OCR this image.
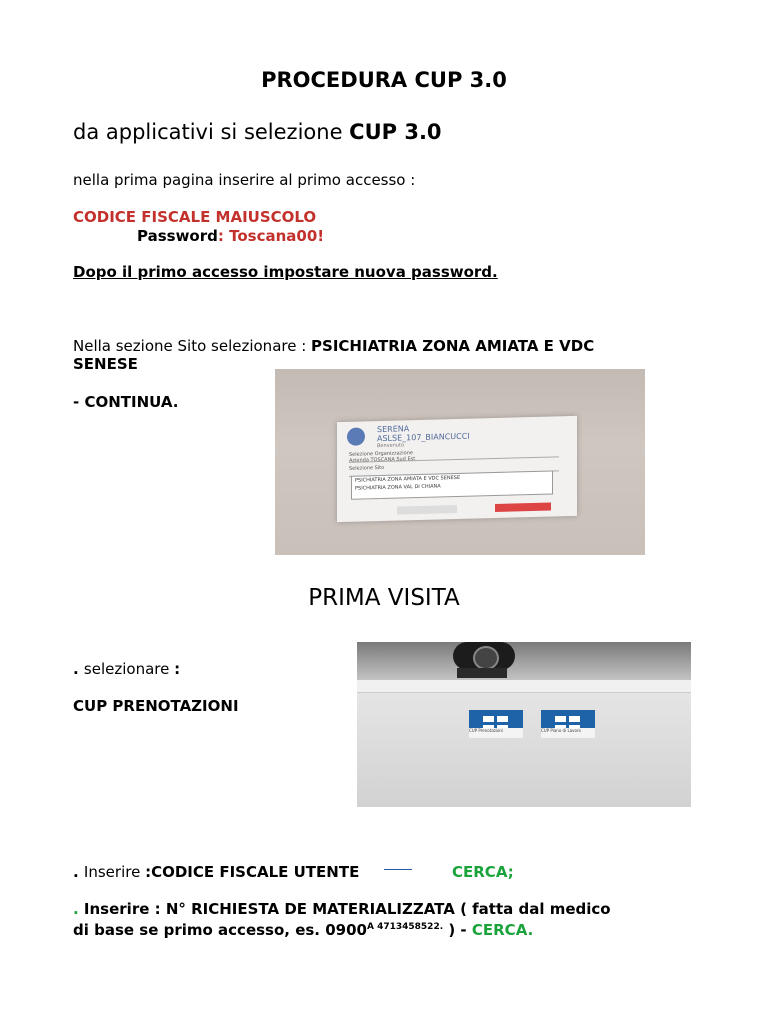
PROCEDURA CUP 3.0
da applicativi si selezione CUP 3.0
nella prima pagina inserire al primo accesso :
CODICE FISCALE MAIUSCOLO
Password: Toscana00!
Dopo il primo accesso impostare nuova password.
Nella sezione Sito selezionare : PSICHIATRIA ZONA AMIATA E VDC
SENESE
- CONTINUA.
SERENA
ASLSE_107_BIANCUCCI
Benvenuto
Selezione Organizzazione
Azienda TOSCANA Sud Est
Selezione Sito
PSICHIATRIA ZONA AMIATA E VDC SENESE
PSICHIATRIA ZONA VAL DI CHIANA
PRIMA VISITA
. selezionare :
CUP PRENOTAZIONI
CUP Prenotazioni	CUP Piano di Lavoro
. Inserire :CODICE FISCALE UTENTE	CERCA;
. Inserire : N° RICHIESTA DE MATERIALIZZATA ( fatta dal medico
di base se primo accesso, es. $0900^{A 4713458522.}$ ) - CERCA.
